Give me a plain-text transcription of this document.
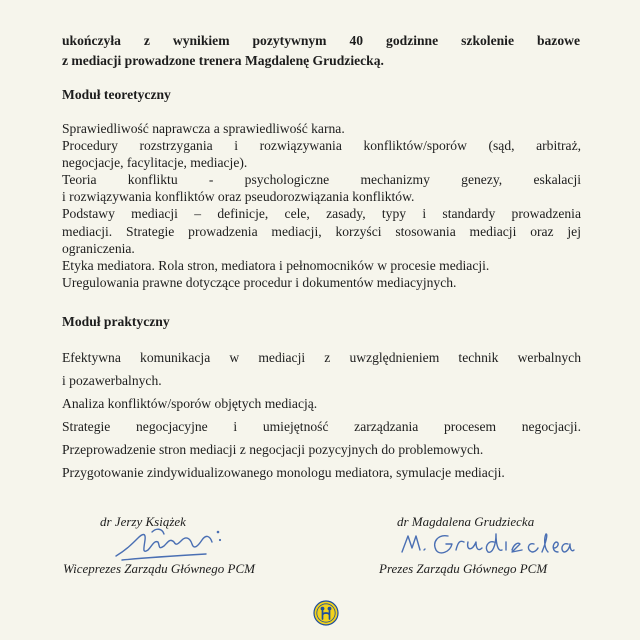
ukończyła z wynikiem pozytywnym 40 godzinne szkolenie bazowe
z mediacji prowadzone trenera Magdalenę Grudziecką.

Moduł teoretyczny
Sprawiedliwość naprawcza a sprawiedliwość karna.
Procedury rozstrzygania i rozwiązywania konfliktów/sporów (sąd, arbitraż,
negocjacje, facylitacje, mediacje).
Teoria konfliktu - psychologiczne mechanizmy genezy, eskalacji
i rozwiązywania konfliktów oraz pseudorozwiązania konfliktów.
Podstawy mediacji – definicje, cele, zasady, typy i standardy prowadzenia
mediacji. Strategie prowadzenia mediacji, korzyści stosowania mediacji oraz jej
ograniczenia.
Etyka mediatora. Rola stron, mediatora i pełnomocników w procesie mediacji.
Uregulowania prawne dotyczące procedur i dokumentów mediacyjnych.
Moduł praktyczny
Efektywna komunikacja w mediacji z uwzględnieniem technik werbalnych
i pozawerbalnych.
Analiza konfliktów/sporów objętych mediacją.
Strategie negocjacyjne i umiejętność zarządzania procesem negocjacji.
Przeprowadzenie stron mediacji z negocjacji pozycyjnych do problemowych.
Przygotowanie zindywidualizowanego monologu mediatora, symulacje mediacji.

dr Jerzy Książek

Wiceprezes Zarządu Głównego PCM

dr Magdalena Grudziecka

Prezes Zarządu Głównego PCM
